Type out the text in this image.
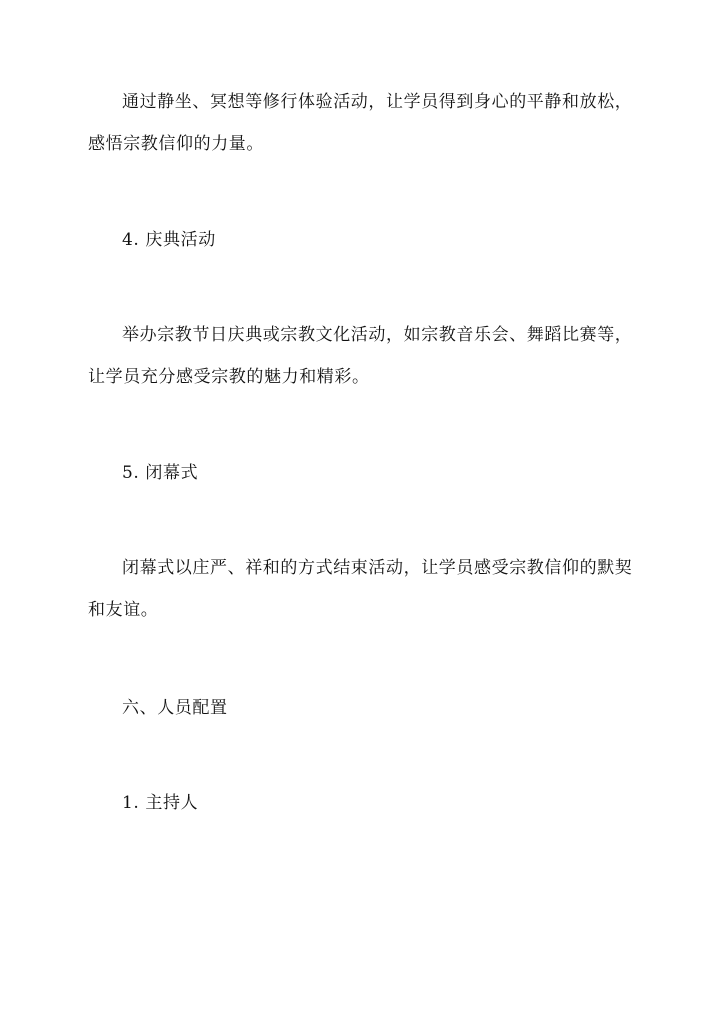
通过静坐、冥想等修行体验活动，让学员得到身心的平静和放松，感悟宗教信仰的力量。

4. 庆典活动

举办宗教节日庆典或宗教文化活动，如宗教音乐会、舞蹈比赛等，让学员充分感受宗教的魅力和精彩。

5. 闭幕式

闭幕式以庄严、祥和的方式结束活动，让学员感受宗教信仰的默契和友谊。

六、人员配置

1. 主持人
